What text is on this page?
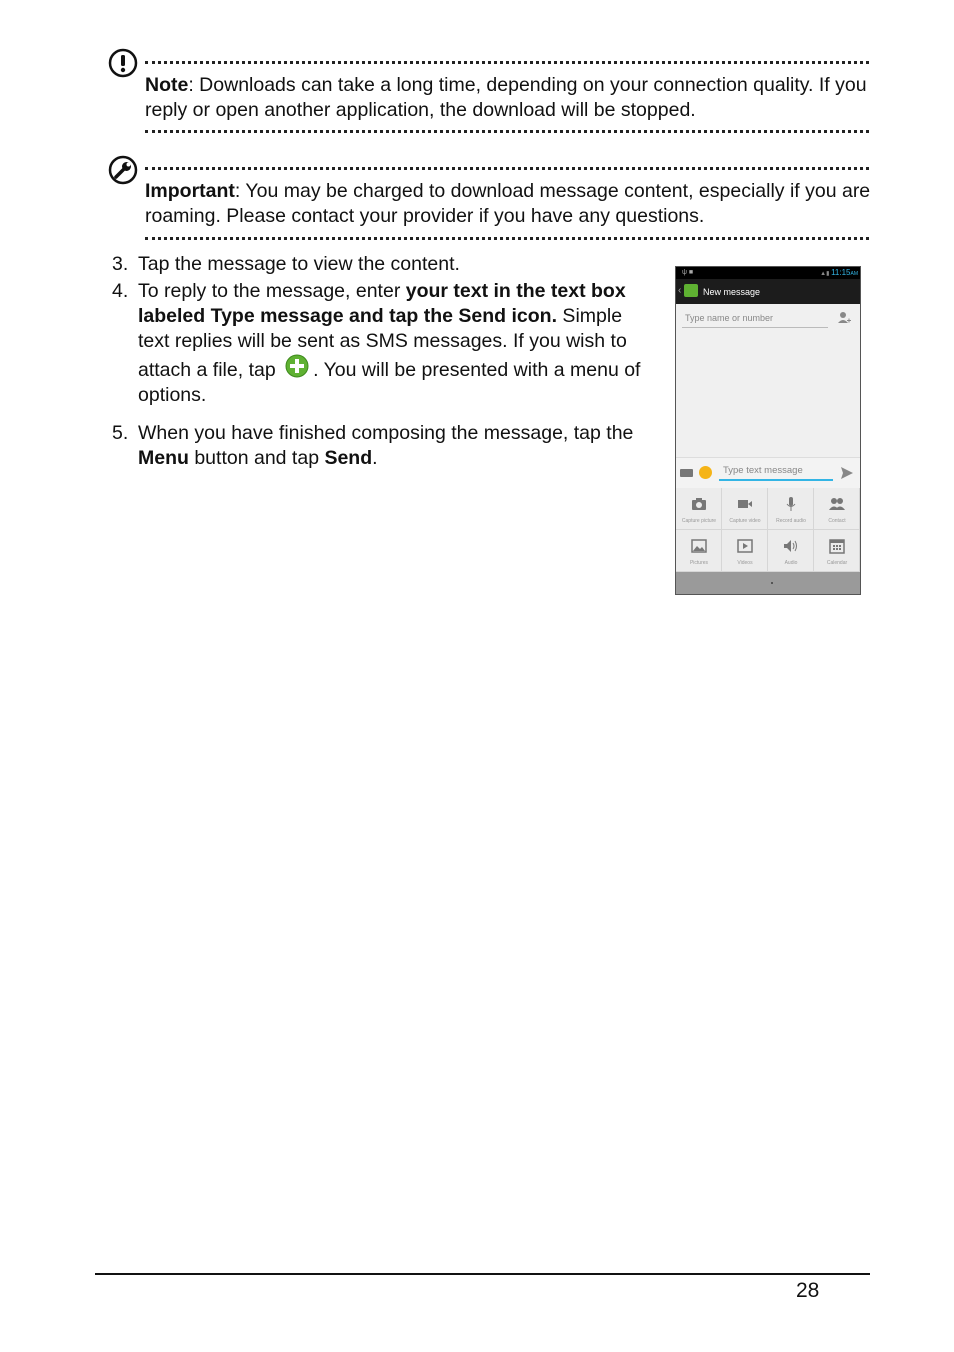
Note: Downloads can take a long time, depending on your connection quality. If you reply or open another application, the download will be stopped.
Important: You may be charged to download message content, especially if you are roaming. Please contact your provider if you have any questions.
3. Tap the message to view the content.
4. To reply to the message, enter your text in the text box labeled Type message and tap the Send icon. Simple text replies will be sent as SMS messages. If you wish to attach a file, tap . You will be presented with a menu of options.
5. When you have finished composing the message, tap the Menu button and tap Send.
ψ ■	▲▮ 11:15AM
‹ New message
Type name or number
Type text message
Capture picture	Capture video	Record audio	Contact
Pictures	Videos	Audio	Calendar
28
